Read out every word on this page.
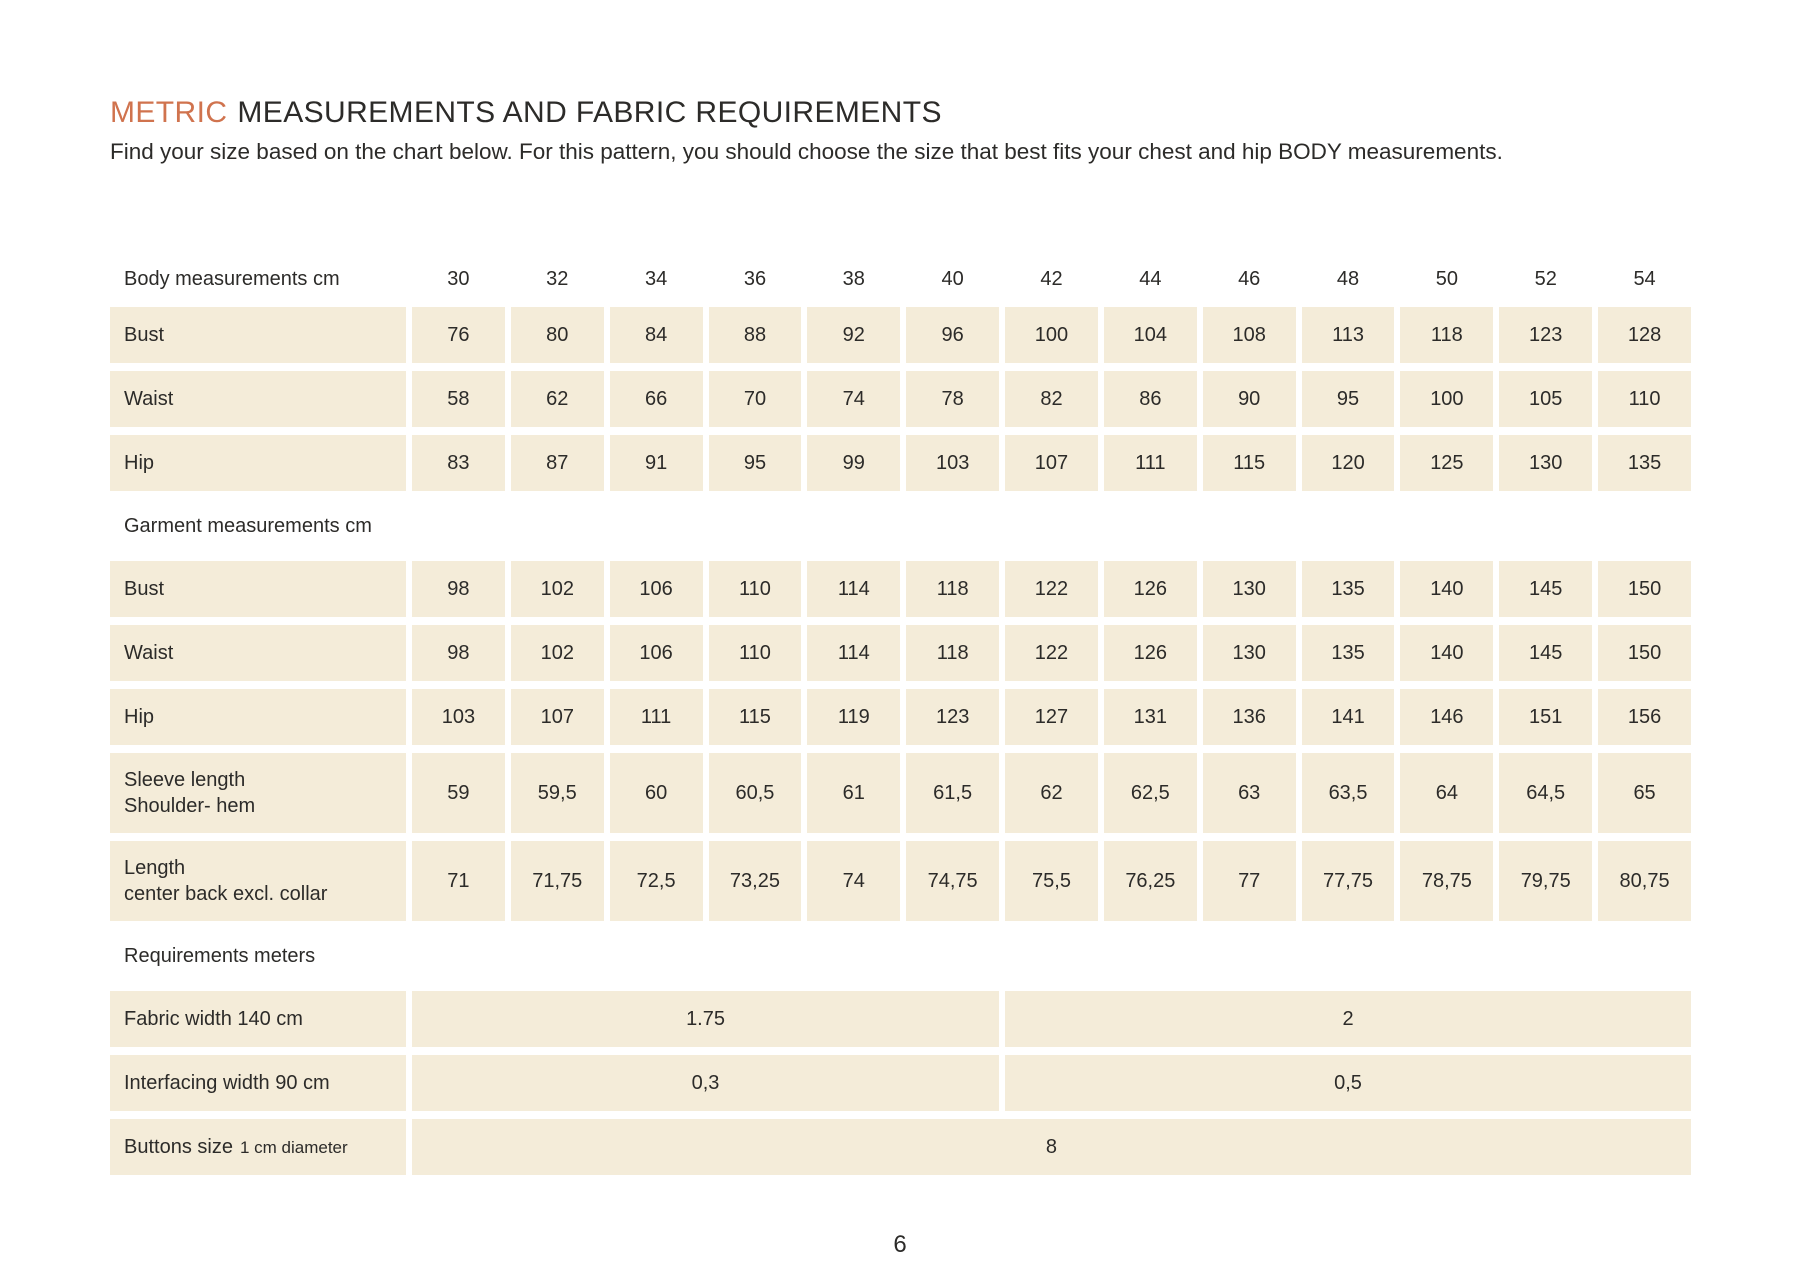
METRIC MEASUREMENTS AND FABRIC REQUIREMENTS

Find your size based on the chart below. For this pattern, you should choose the size that best fits your chest and hip BODY measurements.

Body measurements cm	30	32	34	36	38	40	42	44	46	48	50	52	54
Bust	76	80	84	88	92	96	100	104	108	113	118	123	128
Waist	58	62	66	70	74	78	82	86	90	95	100	105	110
Hip	83	87	91	95	99	103	107	111	115	120	125	130	135
Garment measurements cm
Bust	98	102	106	110	114	118	122	126	130	135	140	145	150
Waist	98	102	106	110	114	118	122	126	130	135	140	145	150
Hip	103	107	111	115	119	123	127	131	136	141	146	151	156
Sleeve length
Shoulder- hem
59	59,5	60	60,5	61	61,5	62	62,5	63	63,5	64	64,5	65
Length
center back excl. collar
71	71,75	72,5	73,25	74	74,75	75,5	76,25	77	77,75	78,75	79,75	80,75
Requirements meters
Fabric width 140 cm	1.75	2
Interfacing width 90 cm	0,3	0,5
Buttons size 1 cm diameter	8
6
